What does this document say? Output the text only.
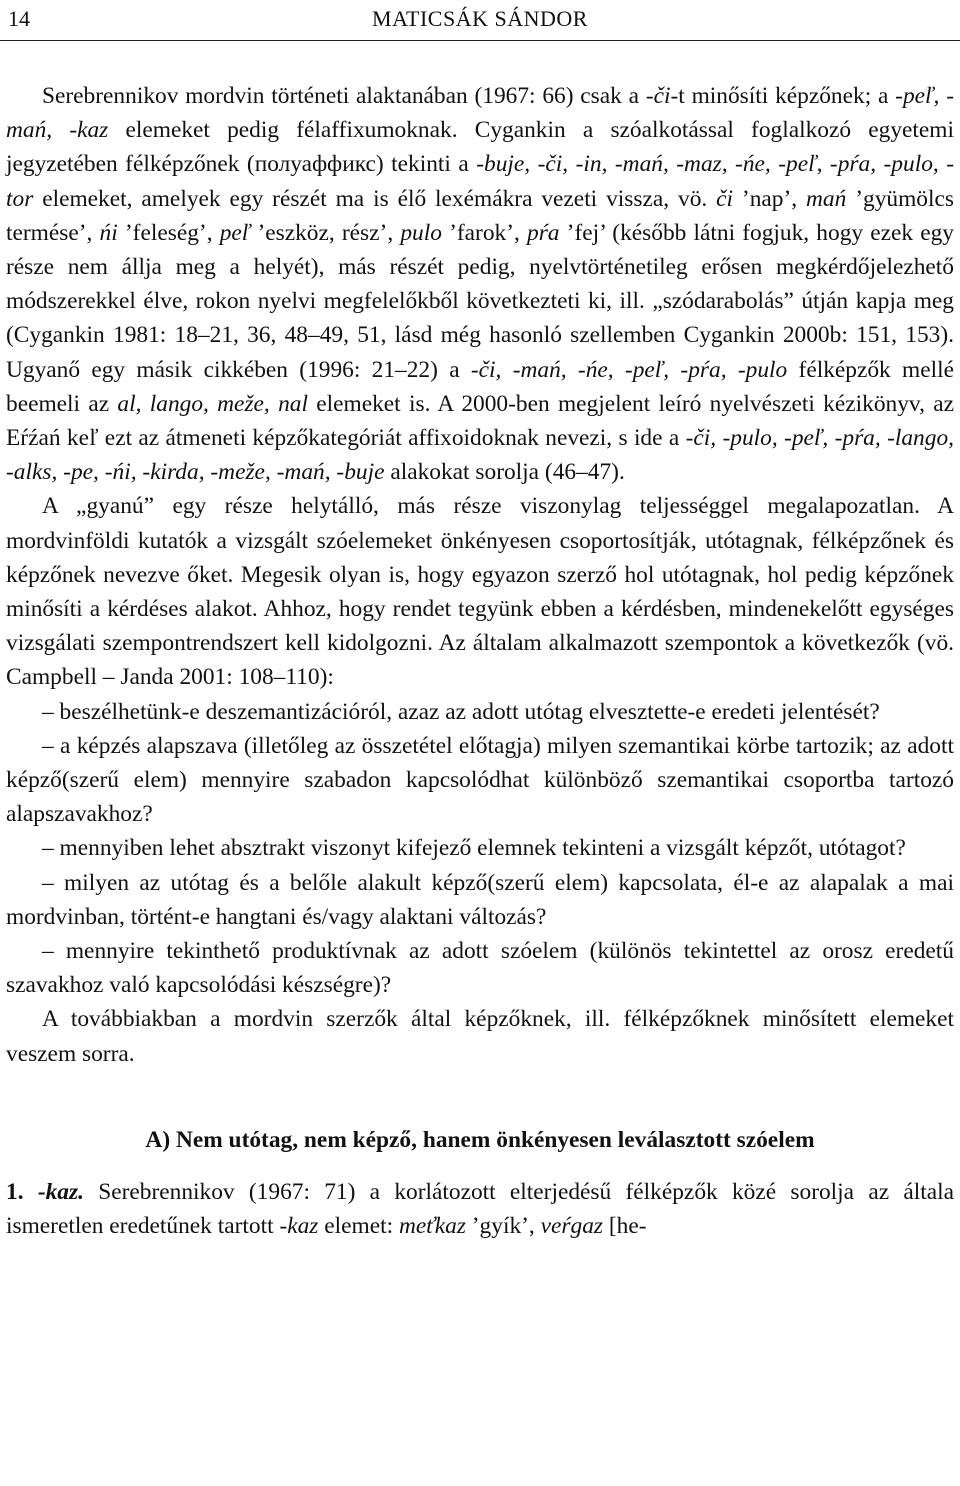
14	MATICSÁK SÁNDOR

Serebrennikov mordvin történeti alaktanában (1967: 66) csak a -či-t minősíti képzőnek; a -peľ, -mań, -kaz elemeket pedig félaffixumoknak. Cygankin a szóalkotással foglalkozó egyetemi jegyzetében félképzőnek (полуаффикс) tekinti a -buje, -či, -in, -mań, -maz, -ńe, -peľ, -pŕa, -pulo, -tor elemeket, amelyek egy részét ma is élő lexémákra vezeti vissza, vö. či ’nap’, mań ’gyümölcs termése’, ńi ’feleség’, peľ ’eszköz, rész’, pulo ’farok’, pŕa ’fej’ (később látni fogjuk, hogy ezek egy része nem állja meg a helyét), más részét pedig, nyelvtörténetileg erősen megkérdőjelezhető módszerekkel élve, rokon nyelvi megfelelőkből következteti ki, ill. „szódarabolás” útján kapja meg (Cygankin 1981: 18–21, 36, 48–49, 51, lásd még hasonló szellemben Cygankin 2000b: 151, 153). Ugyanő egy másik cikkében (1996: 21–22) a -či, -mań, -ńe, -peľ, -pŕa, -pulo félképzők mellé beemeli az al, lango, meže, nal elemeket is. A 2000-ben megjelent leíró nyelvészeti kézikönyv, az Eŕźań keľ ezt az átmeneti képzőkategóriát affixoidoknak nevezi, s ide a -či, -pulo, -peľ, -pŕa, -lango, -alks, -pe, -ńi, -kirda, -meže, -mań, -buje alakokat sorolja (46–47).

A „gyanú” egy része helytálló, más része viszonylag teljességgel megalapozatlan. A mordvinföldi kutatók a vizsgált szóelemeket önkényesen csoportosítják, utótagnak, félképzőnek és képzőnek nevezve őket. Megesik olyan is, hogy egyazon szerző hol utótagnak, hol pedig képzőnek minősíti a kérdéses alakot. Ahhoz, hogy rendet tegyünk ebben a kérdésben, mindenekelőtt egységes vizsgálati szempontrendszert kell kidolgozni. Az általam alkalmazott szempontok a következők (vö. Campbell – Janda 2001: 108–110):

– beszélhetünk-e deszemantizációról, azaz az adott utótag elvesztette-e eredeti jelentését?

– a képzés alapszava (illetőleg az összetétel előtagja) milyen szemantikai körbe tartozik; az adott képző(szerű elem) mennyire szabadon kapcsolódhat különböző szemantikai csoportba tartozó alapszavakhoz?

– mennyiben lehet absztrakt viszonyt kifejező elemnek tekinteni a vizsgált képzőt, utótagot?

– milyen az utótag és a belőle alakult képző(szerű elem) kapcsolata, él-e az alapalak a mai mordvinban, történt-e hangtani és/vagy alaktani változás?

– mennyire tekinthető produktívnak az adott szóelem (különös tekintettel az orosz eredetű szavakhoz való kapcsolódási készségre)?

A továbbiakban a mordvin szerzők által képzőknek, ill. félképzőknek minősített elemeket veszem sorra.

A) Nem utótag, nem képző, hanem önkényesen leválasztott szóelem

1. -kaz. Serebrennikov (1967: 71) a korlátozott elterjedésű félképzők közé sorolja az általa ismeretlen eredetűnek tartott -kaz elemet: meťkaz ’gyík’, veŕgaz [he-
